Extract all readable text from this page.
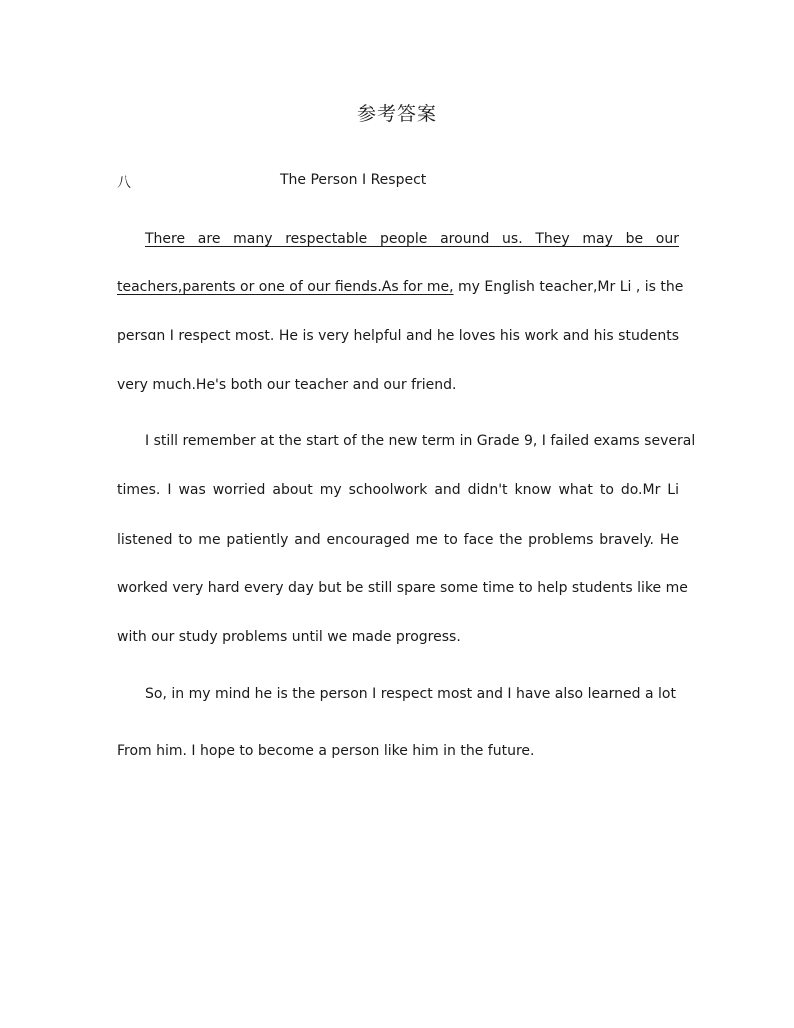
参考答案
八	The Person I Respect
There are many respectable people around us. They may be our
teachers,parents or one of our fiends.As for me, my English teacher,Mr Li , is the
persɑn I respect most. He is very helpful and he loves his work and his students
very much.He's both our teacher and our friend.
I still remember at the start of the new term in Grade 9, I failed exams several
times. I was worried about my schoolwork and didn't know what to do.Mr Li
listened to me patiently and encouraged me to face the problems bravely. He
worked very hard every day but be still spare some time to help students like me
with our study problems until we made progress.
So, in my mind he is the person I respect most and I have also learned a lot
From him. I hope to become a person like him in the future.
